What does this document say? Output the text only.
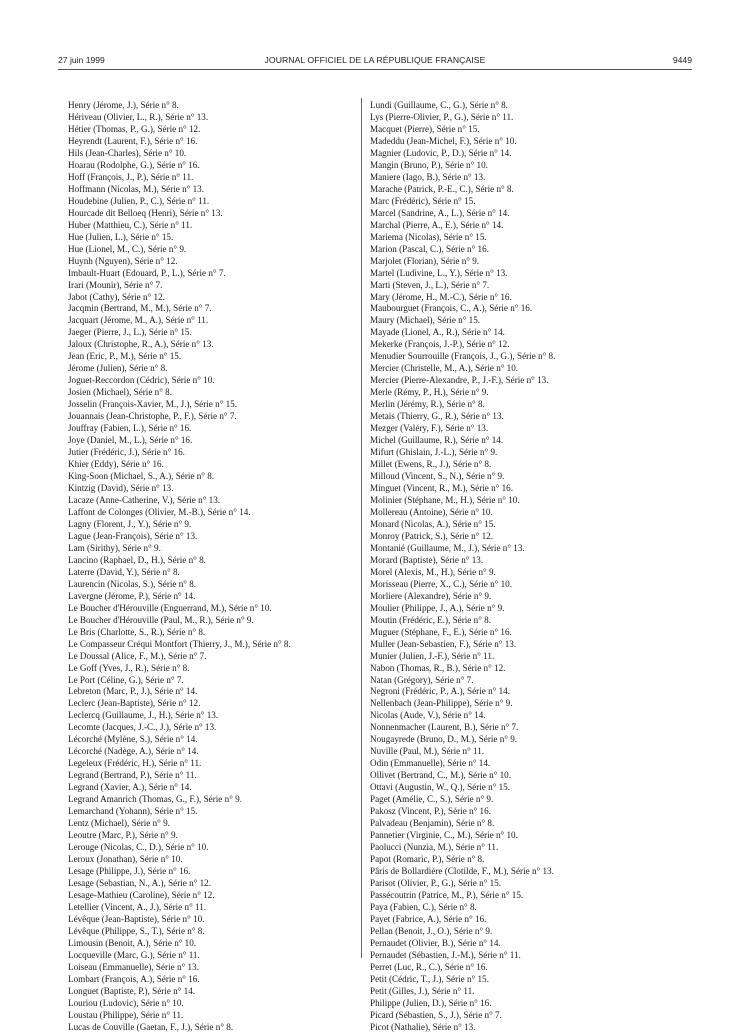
27 juin 1999	JOURNAL OFFICIEL DE LA RÉPUBLIQUE FRANÇAISE	9449
Henry (Jérome, J.), Série n° 8.
Hériveau (Olivier, L., R.), Série n° 13.
Hétier (Thomas, P., G.), Série n° 12.
Heyrendt (Laurent, F.), Série n° 16.
Hils (Jean-Charles), Série n° 10.
Hoarau (Rodolphe, G.), Série n° 16.
Hoff (François, J., P.), Série n° 11.
Hoffmann (Nicolas, M.), Série n° 13.
Houdebine (Julien, P., C.), Série n° 11.
Hourcade dit Belloeq (Henri), Série n° 13.
Huber (Matthieu, C.), Série n° 11.
Hue (Julien, L.), Série n° 15.
Hue (Lionel, M., C.), Série n° 9.
Huynh (Nguyen), Série n° 12.
Imbault-Huart (Edouard, P., L.), Série n° 7.
Irari (Mounir), Série n° 7.
Jabot (Cathy), Série n° 12.
Jacqmin (Bertrand, M., M.), Série n° 7.
Jacquart (Jérome, M., A.), Série n° 11.
Jaeger (Pierre, J., L.), Série n° 15.
Jaloux (Christophe, R., A.), Série n° 13.
Jean (Eric, P., M.), Série n° 15.
Jérome (Julien), Série n° 8.
Joguet-Reccordon (Cédric), Série n° 10.
Josien (Michael), Série n° 8.
Josselin (François-Xavier, M., J.), Série n° 15.
Jouannais (Jean-Christophe, P., F.), Série n° 7.
Jouffray (Fabien, L.), Série n° 16.
Joye (Daniel, M., L.), Série n° 16.
Jutier (Frédéric, J.), Série n° 16.
Khier (Eddy), Série n° 16.
King-Soon (Michael, S., A.), Série n° 8.
Kintzig (David), Série n° 13.
Lacaze (Anne-Catherine, V.), Série n° 13.
Laffont de Colonges (Olivier, M.-B.), Série n° 14.
Lagny (Florent, J., Y.), Série n° 9.
Lague (Jean-François), Série n° 13.
Lam (Sirithy), Série n° 9.
Lancino (Raphael, D., H.), Série n° 8.
Laterre (David, Y.), Série n° 8.
Laurencin (Nicolas, S.), Série n° 8.
Lavergne (Jérome, P.), Série n° 14.
Le Boucher d'Hérouville (Enguerrand, M.), Série n° 10.
Le Boucher d'Hérouville (Paul, M., R.), Série n° 9.
Le Bris (Charlotte, S., R.), Série n° 8.
Le Compasseur Créqui Montfort (Thierry, J., M.), Série n° 8.
Le Doussal (Alice, F., M.), Série n° 7.
Le Goff (Yves, J., R.), Série n° 8.
Le Port (Céline, G.), Série n° 7.
Lebreton (Marc, P., J.), Série n° 14.
Leclerc (Jean-Baptiste), Série n° 12.
Leclercq (Guillaume, J., H.), Série n° 13.
Lecomte (Jacques, J.-C., J.), Série n° 13.
Lécorché (Mylène, S.), Série n° 14.
Lécorché (Nadège, A.), Série n° 14.
Legeleux (Frédéric, H.), Série n° 11.
Legrand (Bertrand, P.), Série n° 11.
Legrand (Xavier, A.), Série n° 14.
Legrand Amanrich (Thomas, G., F.), Série n° 9.
Lemarchand (Yohann), Série n° 15.
Lentz (Michael), Série n° 9.
Leoutre (Marc, P.), Série n° 9.
Lerouge (Nicolas, C., D.), Série n° 10.
Leroux (Jonathan), Série n° 10.
Lesage (Philippe, J.), Série n° 16.
Lesage (Sebastian, N., A.), Série n° 12.
Lesage-Mathieu (Caroline), Série n° 12.
Letellier (Vincent, A., J.), Série n° 11.
Lévêque (Jean-Baptiste), Série n° 10.
Lévêque (Philippe, S., T.), Série n° 8.
Limousin (Benoit, A.), Série n° 10.
Locqueville (Marc, G.), Série n° 11.
Loiseau (Emmanuelle), Série n° 13.
Lombart (François, A.), Série n° 16.
Longuet (Baptiste, P.), Série n° 14.
Louriou (Ludovic), Série n° 10.
Loustau (Philippe), Série n° 11.
Lucas de Couville (Gaetan, F., J.), Série n° 8.
Lundi (Guillaume, C., G.), Série n° 8.
Lys (Pierre-Olivier, P., G.), Série n° 11.
Macquet (Pierre), Série n° 15.
Madeddu (Jean-Michel, F.), Série n° 10.
Magnier (Ludovic, P., D.), Série n° 14.
Mangin (Bruno, P.), Série n° 10.
Maniere (Iago, B.), Série n° 13.
Marache (Patrick, P.-E., C.), Série n° 8.
Marc (Frédéric), Série n° 15.
Marcel (Sandrine, A., L.), Série n° 14.
Marchal (Pierre, A., E.), Série n° 14.
Mariema (Nicolas), Série n° 15.
Marion (Pascal, C.), Série n° 16.
Marjolet (Florian), Série n° 9.
Martel (Ludivine, L., Y.), Série n° 13.
Marti (Steven, J., L.), Série n° 7.
Mary (Jérome, H., M.-C.), Série n° 16.
Maubourguet (François, C., A.), Série n° 16.
Maury (Michael), Série n° 15.
Mayade (Lionel, A., R.), Série n° 14.
Mekerke (François, J.-P.), Série n° 12.
Menudier Sourrouille (François, J., G.), Série n° 8.
Mercier (Christelle, M., A.), Série n° 10.
Mercier (Pierre-Alexandre, P., J.-F.), Série n° 13.
Merle (Rémy, P., H.), Série n° 9.
Merlin (Jérémy, R.), Série n° 8.
Metais (Thierry, G., R.), Série n° 13.
Mezger (Valéry, F.), Série n° 13.
Michel (Guillaume, R.), Série n° 14.
Mifurt (Ghislain, J.-L.), Série n° 9.
Millet (Ewens, R., J.), Série n° 8.
Milloud (Vincent, S., N.), Série n° 9.
Minguet (Vincent, R., M.), Série n° 16.
Molinier (Stéphane, M., H.), Série n° 10.
Mollereau (Antoine), Série n° 10.
Monard (Nicolas, A.), Série n° 15.
Monroy (Patrick, S.), Série n° 12.
Montanié (Guillaume, M., J.), Série n° 13.
Morard (Baptiste), Série n° 13.
Morel (Alexis, M., H.), Série n° 9.
Morisseau (Pierre, X., C.), Série n° 10.
Morliere (Alexandre), Série n° 9.
Moulier (Philippe, J., A.), Série n° 9.
Moutin (Frédéric, E.), Série n° 8.
Muguer (Stéphane, F., E.), Série n° 16.
Muller (Jean-Sebastien, F.), Série n° 13.
Munier (Julien, J.-F.), Série n° 11.
Nabon (Thomas, R., B.), Série n° 12.
Natan (Grégory), Série n° 7.
Negroni (Frédéric, P., A.), Série n° 14.
Nellenbach (Jean-Philippe), Série n° 9.
Nicolas (Aude, V.), Série n° 14.
Nonnenmacher (Laurent, B.), Série n° 7.
Nougayrede (Bruno, D., M.), Série n° 9.
Nuville (Paul, M.), Série n° 11.
Odin (Emmanuelle), Série n° 14.
Ollivet (Bertrand, C., M.), Série n° 10.
Ottavi (Augustin, W., Q.), Série n° 15.
Paget (Amélie, C., S.), Série n° 9.
Pakosz (Vincent, P.), Série n° 16.
Palvadeau (Benjamin), Série n° 8.
Pannetier (Virginie, C., M.), Série n° 10.
Paolucci (Nunzia, M.), Série n° 11.
Papot (Romaric, P.), Série n° 8.
Pâris de Bollardière (Clotilde, F., M.), Série n° 13.
Parisot (Olivier, P., G.), Série n° 15.
Passécoutrin (Patrice, M., P.), Série n° 15.
Paya (Fabien, C.), Série n° 8.
Payet (Fabrice, A.), Série n° 16.
Pellan (Benoit, J., O.), Série n° 9.
Pernaudet (Olivier, B.), Série n° 14.
Pernaudet (Sébastien, J.-M.), Série n° 11.
Perret (Luc, R., C.), Série n° 16.
Petit (Cédric, T., J.), Série n° 15.
Petit (Gilles, J.), Série n° 11.
Philippe (Julien, D.), Série n° 16.
Picard (Sébastien, S., J.), Série n° 7.
Picot (Nathalie), Série n° 13.
